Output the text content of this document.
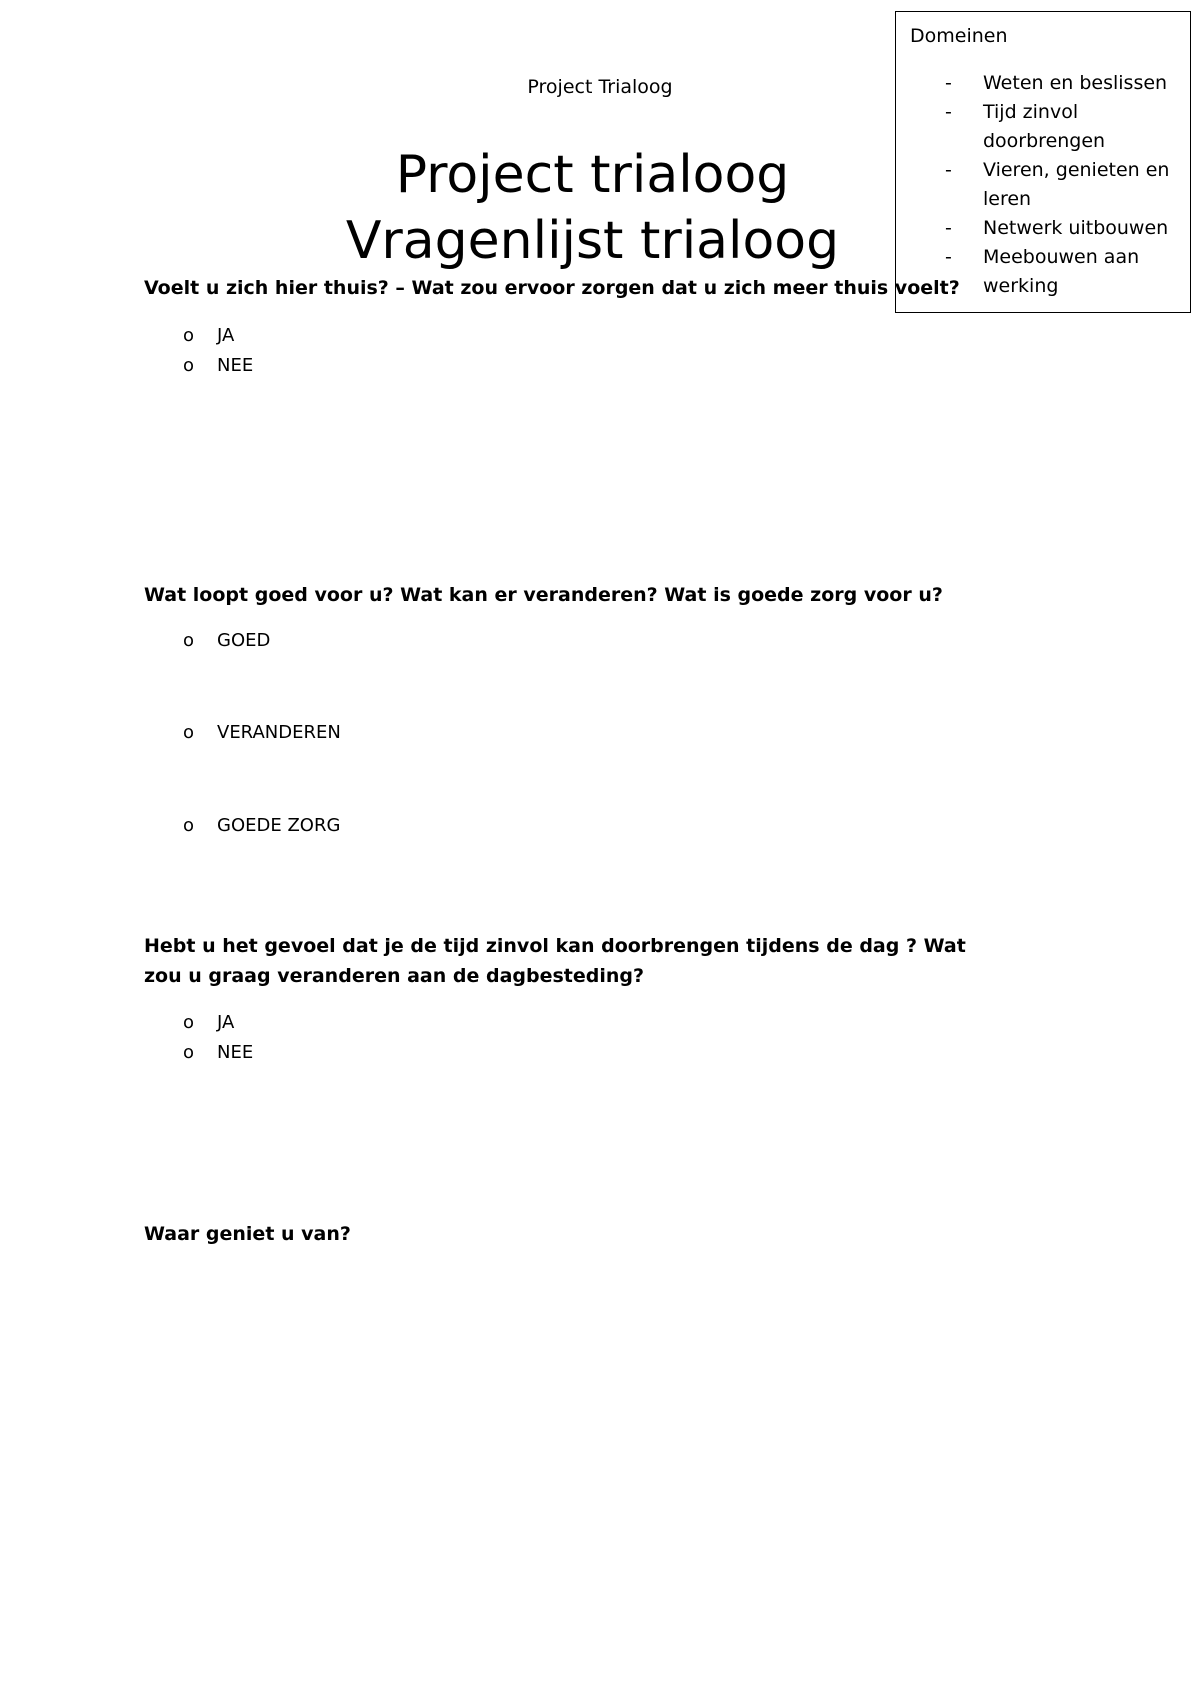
Project Trialoog
Project trialoog
Vragenlijst trialoog
Domeinen
- Weten en beslissen
- Tijd zinvol doorbrengen
- Vieren, genieten en leren
- Netwerk uitbouwen
- Meebouwen aan werking
Voelt u zich hier thuis? – Wat zou ervoor zorgen dat u zich meer thuis voelt?
o JA
o NEE
Wat loopt goed voor u? Wat kan er veranderen? Wat is goede zorg voor u?
o GOED
o VERANDEREN
o GOEDE ZORG
Hebt u het gevoel dat je de tijd zinvol kan doorbrengen tijdens de dag ? Wat zou u graag veranderen aan de dagbesteding?
o JA
o NEE
Waar geniet u van?
